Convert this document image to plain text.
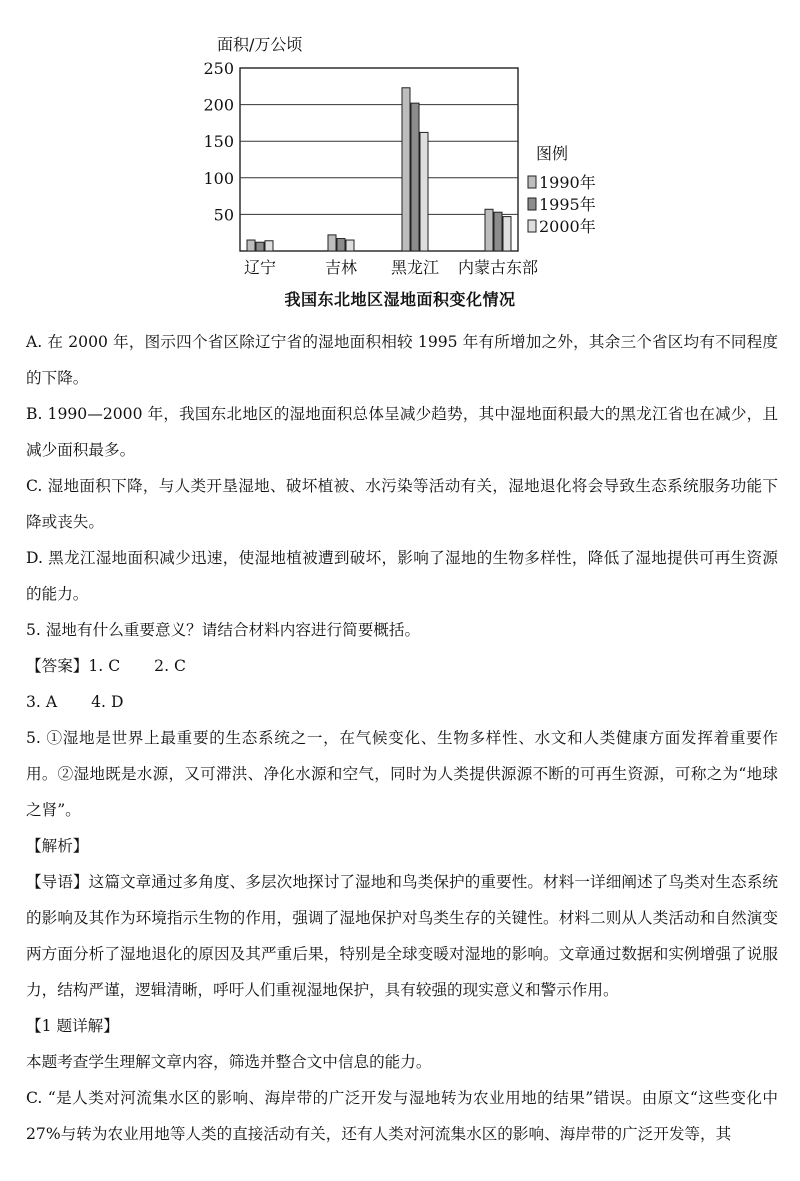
面积/万公顷
50
100
150
200
250
辽宁	吉林 黑龙江 内蒙古东部
图例
1990年
1995年
2000年
我国东北地区湿地面积变化情况

A. 在 2000 年，图示四个省区除辽宁省的湿地面积相较 1995 年有所增加之外，其余三个省区均有不同程度的下降。

B. 1990—2000 年，我国东北地区的湿地面积总体呈减少趋势，其中湿地面积最大的黑龙江省也在减少，且减少面积最多。

C. 湿地面积下降，与人类开垦湿地、破坏植被、水污染等活动有关，湿地退化将会导致生态系统服务功能下降或丧失。

D. 黑龙江湿地面积减少迅速，使湿地植被遭到破坏，影响了湿地的生物多样性，降低了湿地提供可再生资源的能力。

5. 湿地有什么重要意义？请结合材料内容进行简要概括。

【答案】1. C 2. C

3. A 4. D

5. ①湿地是世界上最重要的生态系统之一，在气候变化、生物多样性、水文和人类健康方面发挥着重要作用。②湿地既是水源，又可滞洪、净化水源和空气，同时为人类提供源源不断的可再生资源，可称之为“地球之肾”。

【解析】

【导语】这篇文章通过多角度、多层次地探讨了湿地和鸟类保护的重要性。材料一详细阐述了鸟类对生态系统的影响及其作为环境指示生物的作用，强调了湿地保护对鸟类生存的关键性。材料二则从人类活动和自然演变两方面分析了湿地退化的原因及其严重后果，特别是全球变暖对湿地的影响。文章通过数据和实例增强了说服力，结构严谨，逻辑清晰，呼吁人们重视湿地保护，具有较强的现实意义和警示作用。

【1 题详解】

本题考查学生理解文章内容，筛选并整合文中信息的能力。

C. “是人类对河流集水区的影响、海岸带的广泛开发与湿地转为农业用地的结果”错误。由原文“这些变化中 27%与转为农业用地等人类的直接活动有关，还有人类对河流集水区的影响、海岸带的广泛开发等，其
